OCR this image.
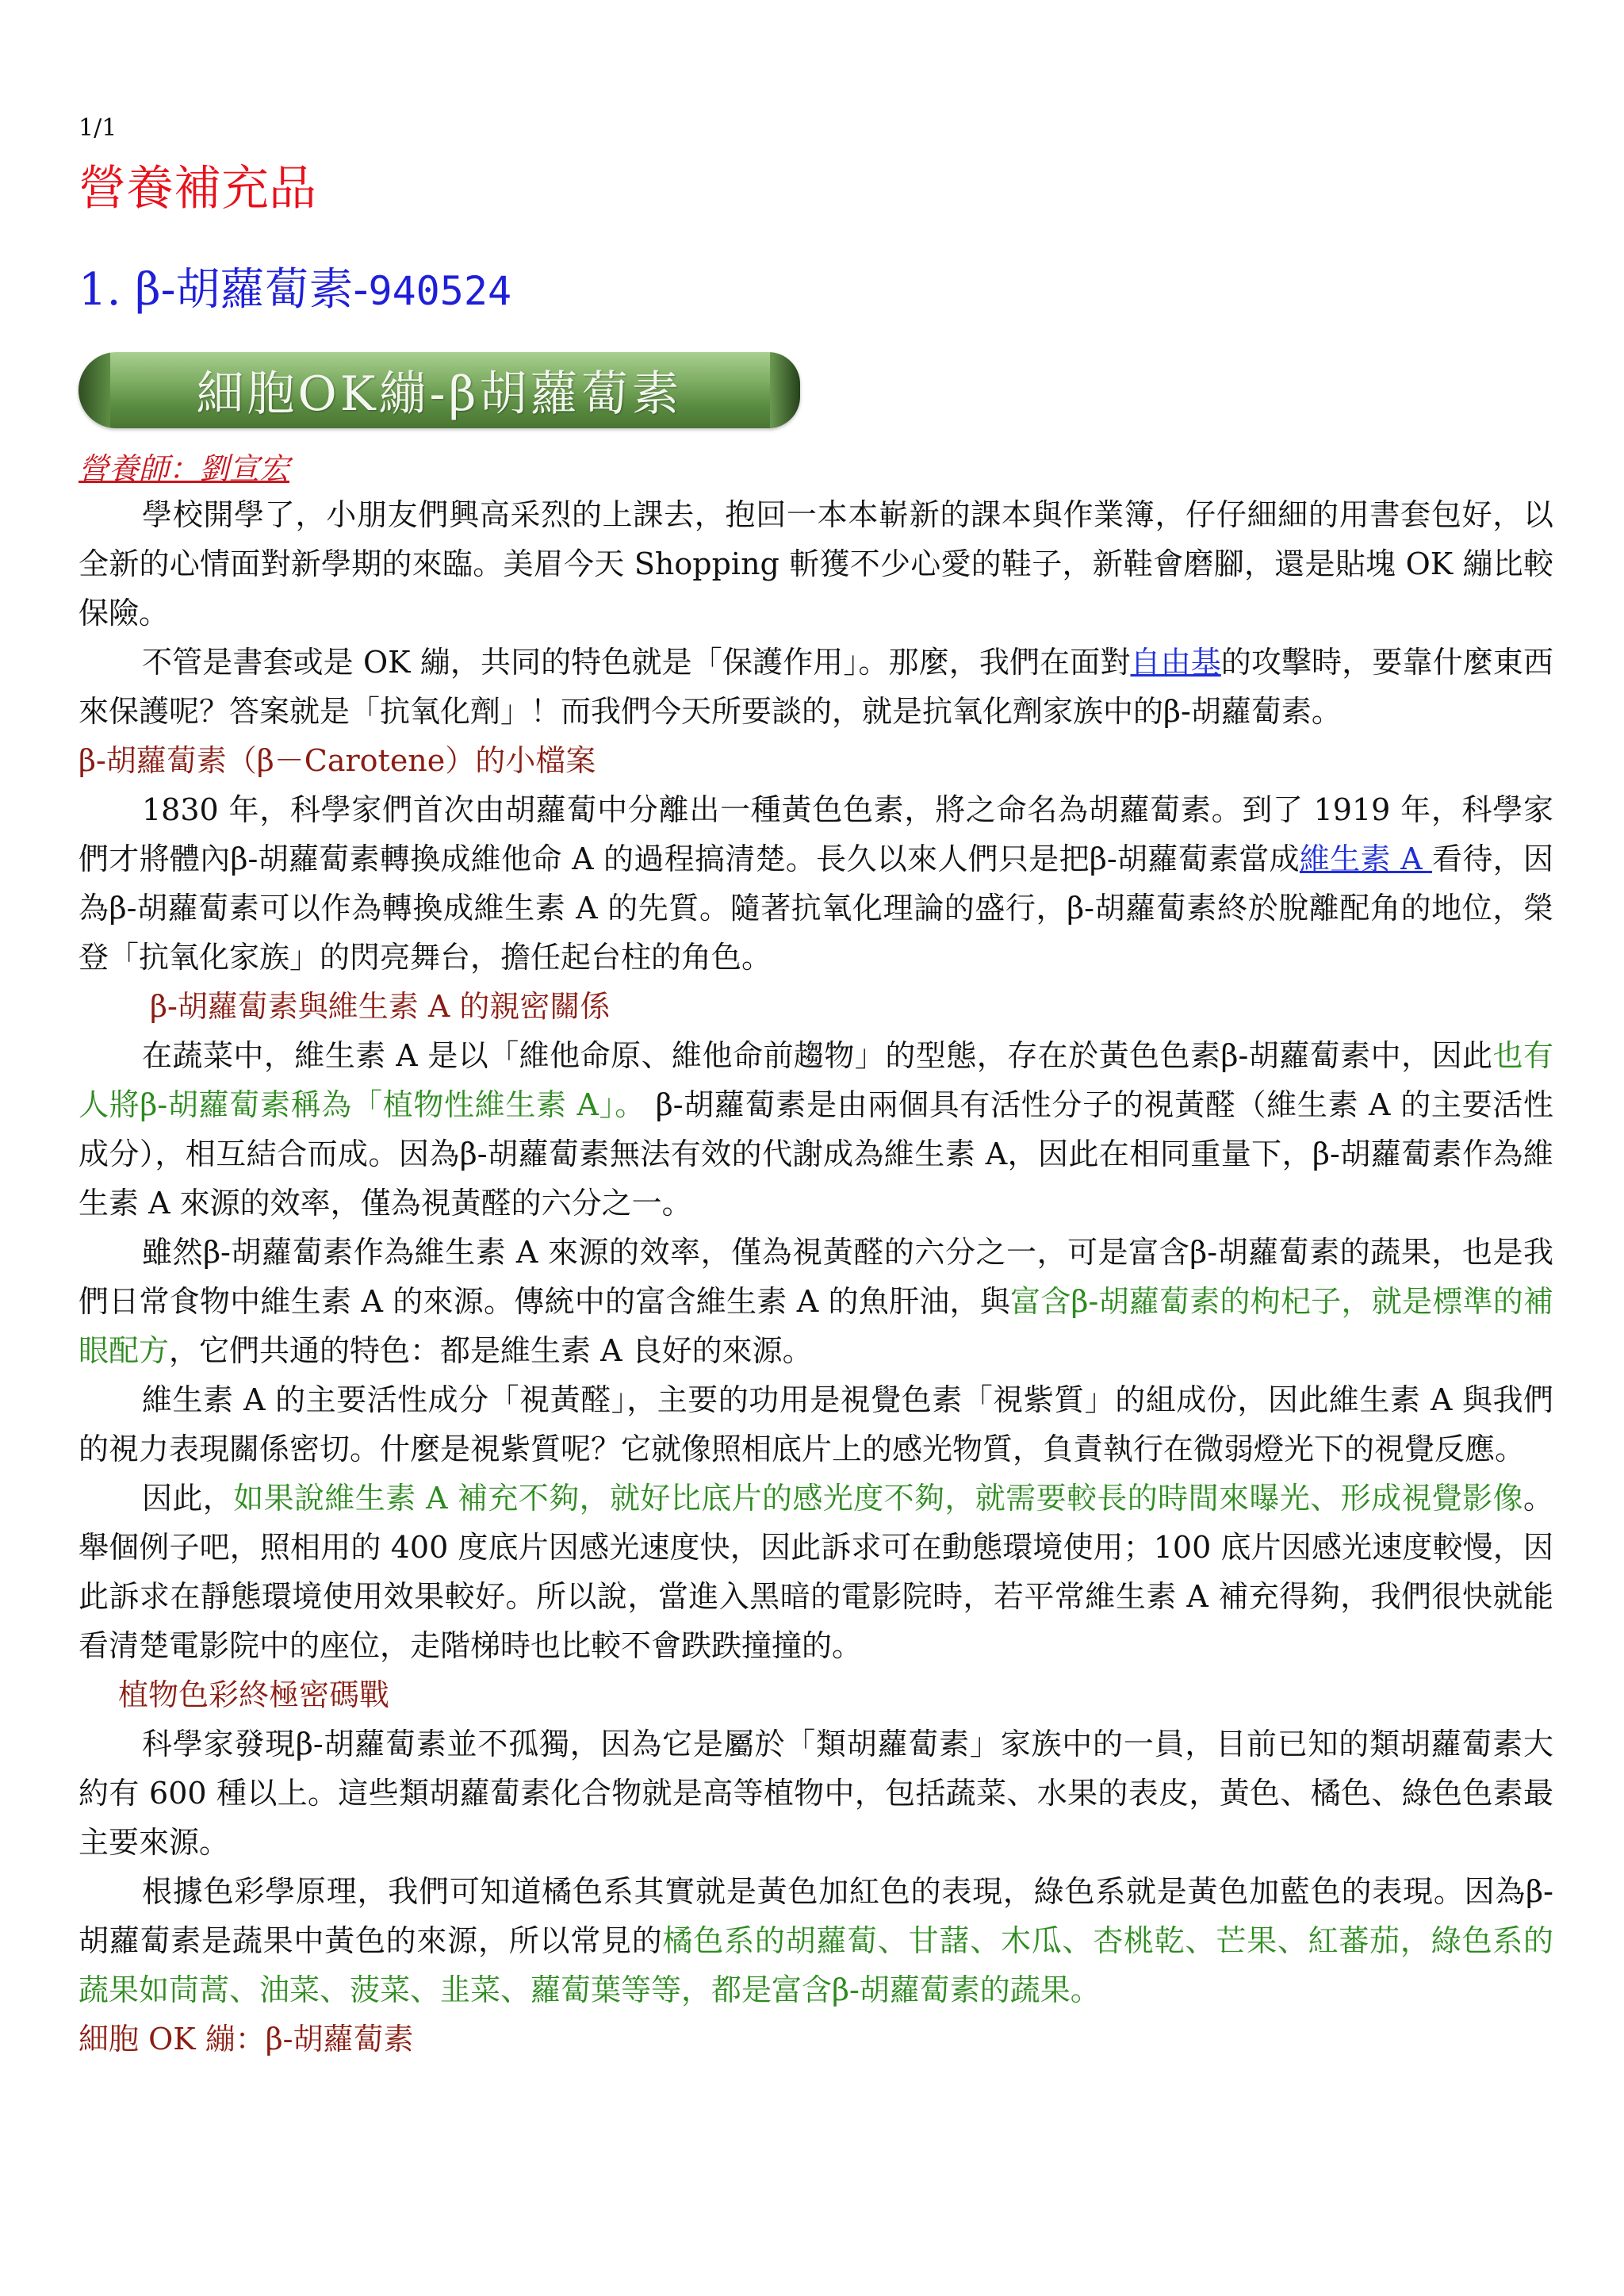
1/1
營養補充品
1. β-胡蘿蔔素-940524
細胞OK繃-β胡蘿蔔素
營養師：劉宣宏

學校開學了，小朋友們興高采烈的上課去，抱回一本本嶄新的課本與作業簿，仔仔細細的用書套包好，以全新的心情面對新學期的來臨。美眉今天 Shopping 斬獲不少心愛的鞋子，新鞋會磨腳，還是貼塊 OK 繃比較保險。

不管是書套或是 OK 繃，共同的特色就是「保護作用」。那麼，我們在面對自由基的攻擊時，要靠什麼東西來保護呢？答案就是「抗氧化劑」！而我們今天所要談的，就是抗氧化劑家族中的β-胡蘿蔔素。

β-胡蘿蔔素（β－Carotene）的小檔案

1830 年，科學家們首次由胡蘿蔔中分離出一種黃色色素，將之命名為胡蘿蔔素。到了 1919 年，科學家們才將體內β-胡蘿蔔素轉換成維他命 A 的過程搞清楚。長久以來人們只是把β-胡蘿蔔素當成維生素 A 看待，因為β-胡蘿蔔素可以作為轉換成維生素 A 的先質。隨著抗氧化理論的盛行，β-胡蘿蔔素終於脫離配角的地位，榮登「抗氧化家族」的閃亮舞台，擔任起台柱的角色。

β-胡蘿蔔素與維生素 A 的親密關係

在蔬菜中，維生素 A 是以「維他命原、維他命前趨物」的型態，存在於黃色色素β-胡蘿蔔素中，因此也有人將β-胡蘿蔔素稱為「植物性維生素 A」。 β-胡蘿蔔素是由兩個具有活性分子的視黃醛（維生素 A 的主要活性成分），相互結合而成。因為β-胡蘿蔔素無法有效的代謝成為維生素 A，因此在相同重量下，β-胡蘿蔔素作為維生素 A 來源的效率，僅為視黃醛的六分之一。

雖然β-胡蘿蔔素作為維生素 A 來源的效率，僅為視黃醛的六分之一，可是富含β-胡蘿蔔素的蔬果，也是我們日常食物中維生素 A 的來源。傳統中的富含維生素 A 的魚肝油，與富含β-胡蘿蔔素的枸杞子，就是標準的補眼配方，它們共通的特色：都是維生素 A 良好的來源。

維生素 A 的主要活性成分「視黃醛」，主要的功用是視覺色素「視紫質」的組成份，因此維生素 A 與我們的視力表現關係密切。什麼是視紫質呢？它就像照相底片上的感光物質，負責執行在微弱燈光下的視覺反應。

因此，如果說維生素 A 補充不夠，就好比底片的感光度不夠，就需要較長的時間來曝光、形成視覺影像。舉個例子吧，照相用的 400 度底片因感光速度快，因此訴求可在動態環境使用；100 底片因感光速度較慢，因此訴求在靜態環境使用效果較好。所以說，當進入黑暗的電影院時，若平常維生素 A 補充得夠，我們很快就能看清楚電影院中的座位，走階梯時也比較不會跌跌撞撞的。

植物色彩終極密碼戰

科學家發現β-胡蘿蔔素並不孤獨，因為它是屬於「類胡蘿蔔素」家族中的一員，目前已知的類胡蘿蔔素大約有 600 種以上。這些類胡蘿蔔素化合物就是高等植物中，包括蔬菜、水果的表皮，黃色、橘色、綠色色素最主要來源。

根據色彩學原理，我們可知道橘色系其實就是黃色加紅色的表現，綠色系就是黃色加藍色的表現。因為β-胡蘿蔔素是蔬果中黃色的來源，所以常見的橘色系的胡蘿蔔、甘藷、木瓜、杏桃乾、芒果、紅蕃茄，綠色系的蔬果如茼蒿、油菜、菠菜、韭菜、蘿蔔葉等等，都是富含β-胡蘿蔔素的蔬果。

細胞 OK 繃：β-胡蘿蔔素
